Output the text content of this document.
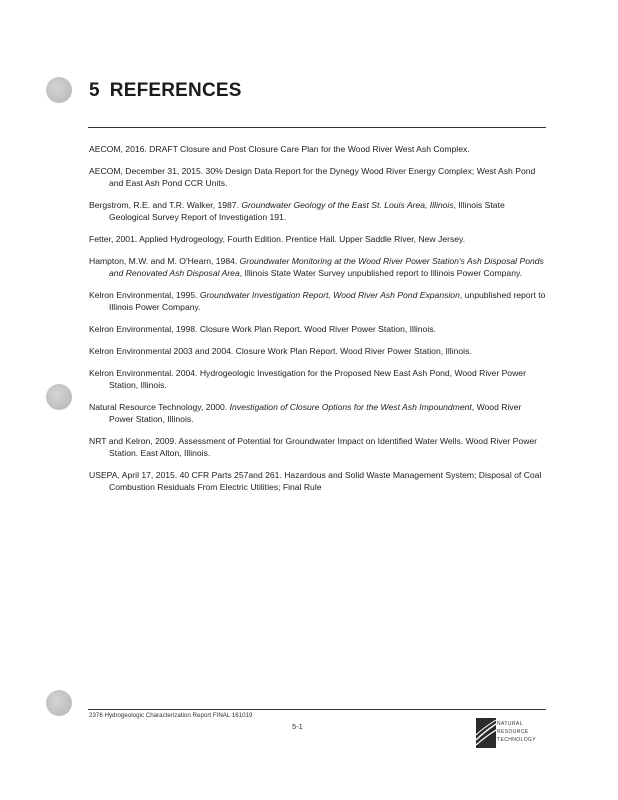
5 REFERENCES

AECOM, 2016. DRAFT Closure and Post Closure Care Plan for the Wood River West Ash Complex.

AECOM, December 31, 2015. 30% Design Data Report for the Dynegy Wood River Energy Complex; West Ash Pond and East Ash Pond CCR Units.

Bergstrom, R.E. and T.R. Walker, 1987. Groundwater Geology of the East St. Louis Area, Illinois, Illinois State Geological Survey Report of Investigation 191.

Fetter, 2001. Applied Hydrogeology, Fourth Edition. Prentice Hall. Upper Saddle River, New Jersey.

Hampton, M.W. and M. O'Hearn, 1984. Groundwater Monitoring at the Wood River Power Station's Ash Disposal Ponds and Renovated Ash Disposal Area, Illinois State Water Survey unpublished report to Illinois Power Company.

Kelron Environmental, 1995. Groundwater Investigation Report, Wood River Ash Pond Expansion, unpublished report to Illinois Power Company.

Kelron Environmental, 1998. Closure Work Plan Report. Wood River Power Station, Illinois.

Kelron Environmental 2003 and 2004. Closure Work Plan Report. Wood River Power Station, Illinois.

Kelron Environmental. 2004. Hydrogeologic Investigation for the Proposed New East Ash Pond, Wood River Power Station, Illinois.

Natural Resource Technology, 2000. Investigation of Closure Options for the West Ash Impoundment, Wood River Power Station, Illinois.

NRT and Kelron, 2009. Assessment of Potential for Groundwater Impact on Identified Water Wells. Wood River Power Station. East Alton, Illinois.

USEPA, April 17, 2015. 40 CFR Parts 257and 261. Hazardous and Solid Waste Management System; Disposal of Coal Combustion Residuals From Electric Utilities; Final Rule

2376 Hydrogeologic Characterization Report FINAL 161019
5-1	NATURAL
RESOURCE
TECHNOLOGY
